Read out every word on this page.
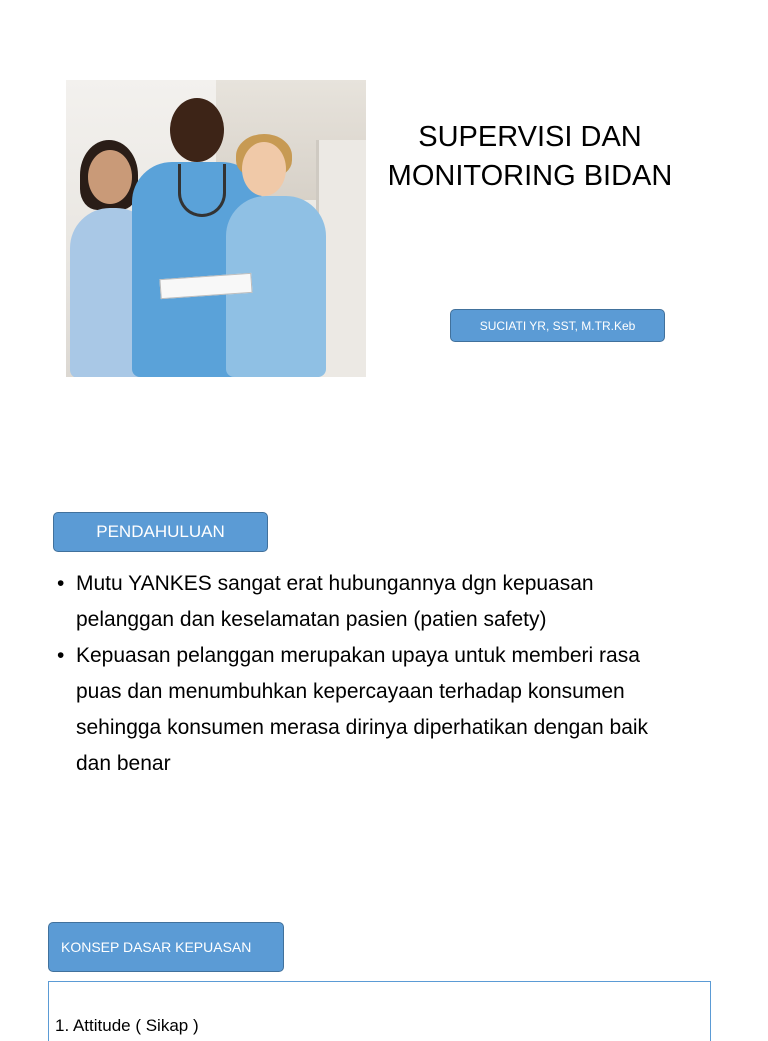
SUPERVISI DAN
MONITORING BIDAN
SUCIATI YR, SST, M.TR.Keb
PENDAHULUAN
• Mutu YANKES sangat erat hubungannya dgn kepuasan
pelanggan dan keselamatan pasien (patien safety)
• Kepuasan pelanggan merupakan upaya untuk memberi rasa
puas dan menumbuhkan kepercayaan terhadap konsumen
sehingga konsumen merasa dirinya diperhatikan dengan baik
dan benar
KONSEP DASAR KEPUASAN
1. Attitude ( Sikap )
